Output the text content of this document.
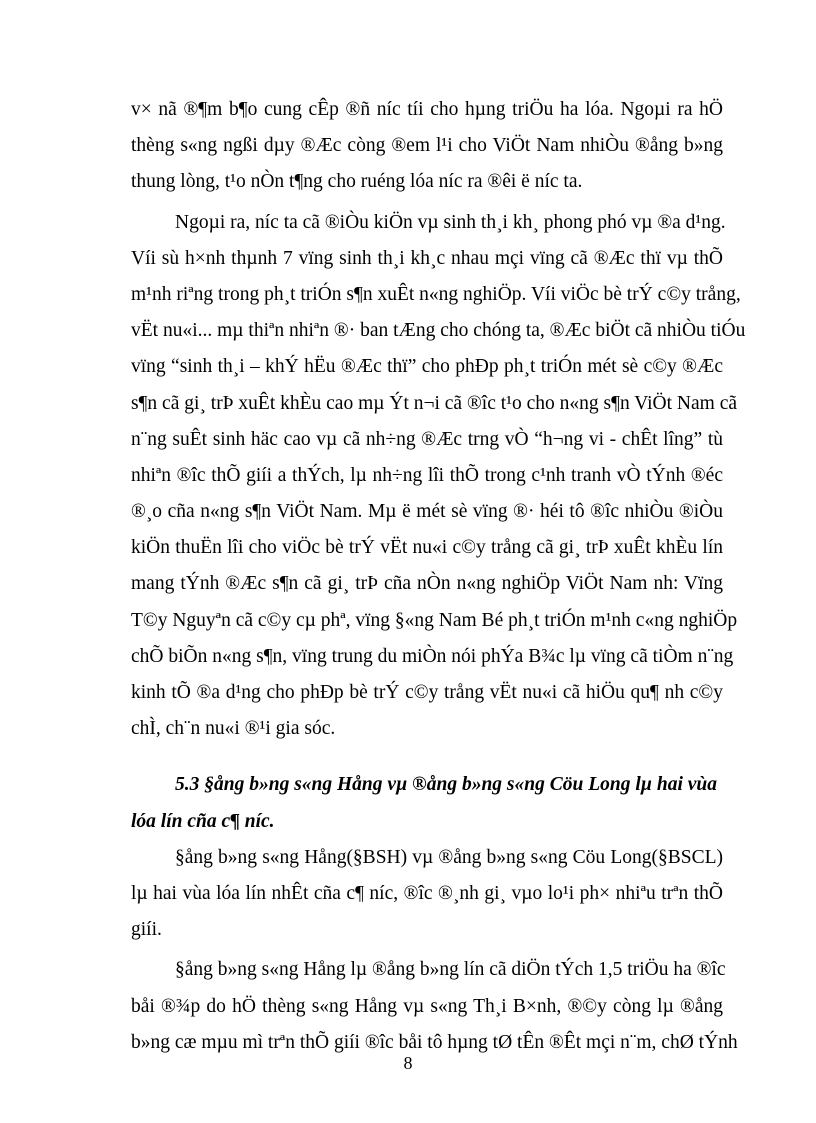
v× nã ®¶m b¶o cung cÊp ®ñ níc tíi cho hµng triÖu ha lóa. Ngoµi ra hÖ
thèng s«ng ngßi dµy ®Æc còng ®em l¹i cho ViÖt Nam nhiÒu ®ång b»ng
thung lòng, t¹o nÒn t¶ng cho ruéng lóa níc ra ®êi ë níc ta.
Ngoµi ra, níc ta cã ®iÒu kiÖn vµ sinh th¸i kh¸ phong phó vµ ®a d¹ng.
Víi sù h×nh thµnh 7 vïng sinh th¸i kh¸c nhau mçi vïng cã ®Æc thï vµ thÕ
m¹nh riªng trong ph¸t triÓn s¶n xuÊt n«ng nghiÖp. Víi viÖc bè trÝ c©y trång,
vËt nu«i... mµ thiªn nhiªn ®· ban tÆng cho chóng ta, ®Æc biÖt cã nhiÒu tiÓu
vïng “sinh th¸i – khÝ hËu ®Æc thï” cho phÐp ph¸t triÓn mét sè c©y ®Æc
s¶n cã gi¸ trÞ xuÊt khÈu cao mµ Ýt n¬i cã ®îc t¹o cho n«ng s¶n ViÖt Nam cã
n¨ng suÊt sinh häc cao vµ cã nh÷ng ®Æc trng vÒ “h¬ng vi - chÊt lîng” tù
nhiªn ®îc thÕ giíi a thÝch, lµ nh÷ng lîi thÕ trong c¹nh tranh vÒ tÝnh ®éc
®¸o cña n«ng s¶n ViÖt Nam. Mµ ë mét sè vïng ®· héi tô ®îc nhiÒu ®iÒu
kiÖn thuËn lîi cho viÖc bè trÝ vËt nu«i c©y trång cã gi¸ trÞ xuÊt khÈu lín
mang tÝnh ®Æc s¶n cã gi¸ trÞ cña nÒn n«ng nghiÖp ViÖt Nam nh: Vïng
T©y Nguyªn cã c©y cµ phª, vïng §«ng Nam Bé ph¸t triÓn m¹nh c«ng nghiÖp
chÕ biÕn n«ng s¶n, vïng trung du miÒn nói phÝa B¾c lµ vïng cã tiÒm n¨ng
kinh tÕ ®a d¹ng cho phÐp bè trÝ c©y trång vËt nu«i cã hiÖu qu¶ nh c©y
chÌ, ch¨n nu«i ®¹i gia sóc.
5.3 §ång b»ng s«ng Hång vµ ®ång b»ng s«ng Cöu Long lµ hai vùa
lóa lín cña c¶ níc.
§ång b»ng s«ng Hång(§BSH) vµ ®ång b»ng s«ng Cöu Long(§BSCL)
lµ hai vùa lóa lín nhÊt cña c¶ níc, ®îc ®¸nh gi¸ vµo lo¹i ph× nhiªu trªn thÕ
giíi.
§ång b»ng s«ng Hång lµ ®ång b»ng lín cã diÖn tÝch 1,5 triÖu ha ®îc
båi ®¾p do hÖ thèng s«ng Hång vµ s«ng Th¸i B×nh, ®©y còng lµ ®ång
b»ng cæ mµu mì trªn thÕ giíi ®îc båi tô hµng tØ tÊn ®Êt mçi n¨m, chØ tÝnh
8
